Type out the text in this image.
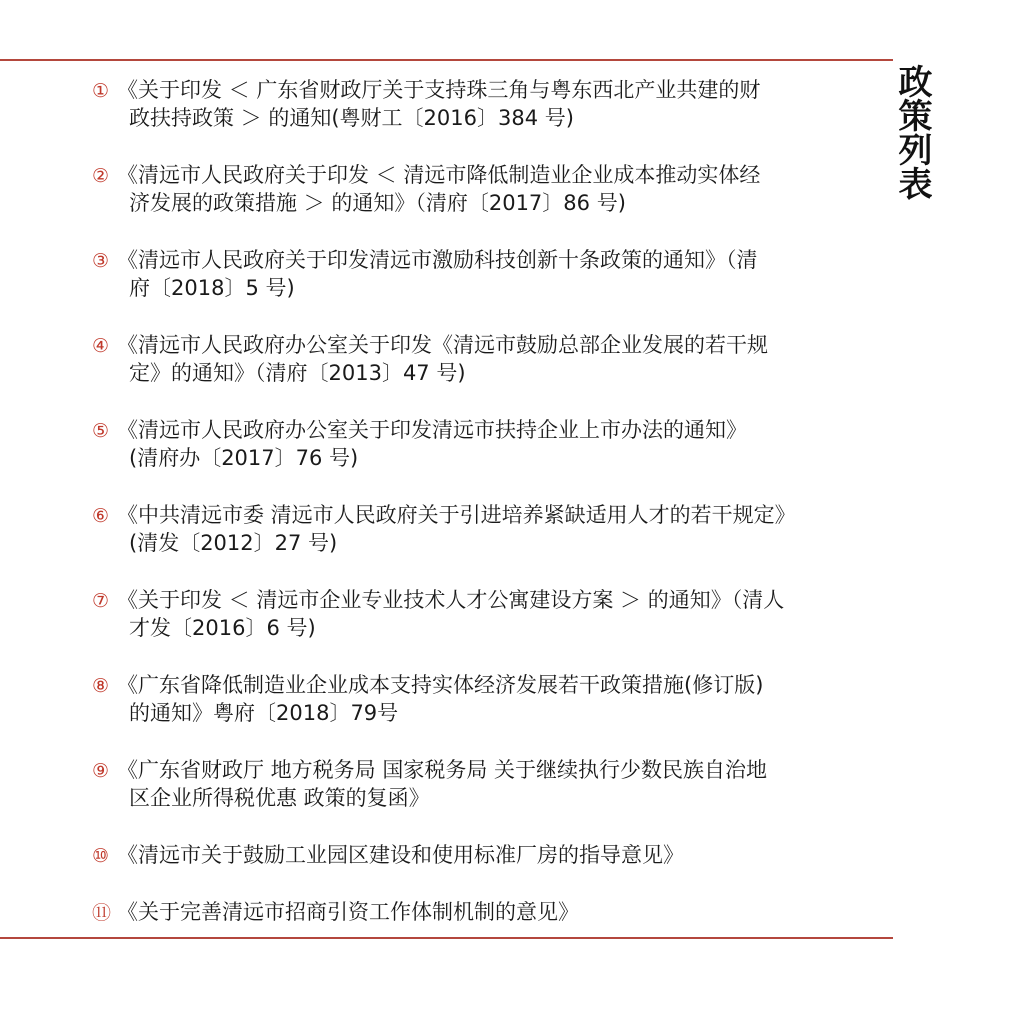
政策列表
① 《关于印发 ＜ 广东省财政厅关于支持珠三角与粤东西北产业共建的财
政扶持政策 ＞ 的通知(粤财工〔2016〕384 号)
② 《清远市人民政府关于印发 ＜ 清远市降低制造业企业成本推动实体经
济发展的政策措施 ＞ 的通知》（清府〔2017〕86 号)
③ 《清远市人民政府关于印发清远市激励科技创新十条政策的通知》（清
府〔2018〕5 号)
④ 《清远市人民政府办公室关于印发《清远市鼓励总部企业发展的若干规
定》的通知》（清府〔2013〕47 号)
⑤ 《清远市人民政府办公室关于印发清远市扶持企业上市办法的通知》
(清府办〔2017〕76 号)
⑥ 《中共清远市委 清远市人民政府关于引进培养紧缺适用人才的若干规定》
(清发〔2012〕27 号)
⑦ 《关于印发 ＜ 清远市企业专业技术人才公寓建设方案 ＞ 的通知》（清人
才发〔2016〕6 号)
⑧ 《广东省降低制造业企业成本支持实体经济发展若干政策措施(修订版)
的通知》粤府〔2018〕79号
⑨ 《广东省财政厅 地方税务局 国家税务局 关于继续执行少数民族自治地
区企业所得税优惠 政策的复函》
⑩ 《清远市关于鼓励工业园区建设和使用标准厂房的指导意见》
⑪ 《关于完善清远市招商引资工作体制机制的意见》
